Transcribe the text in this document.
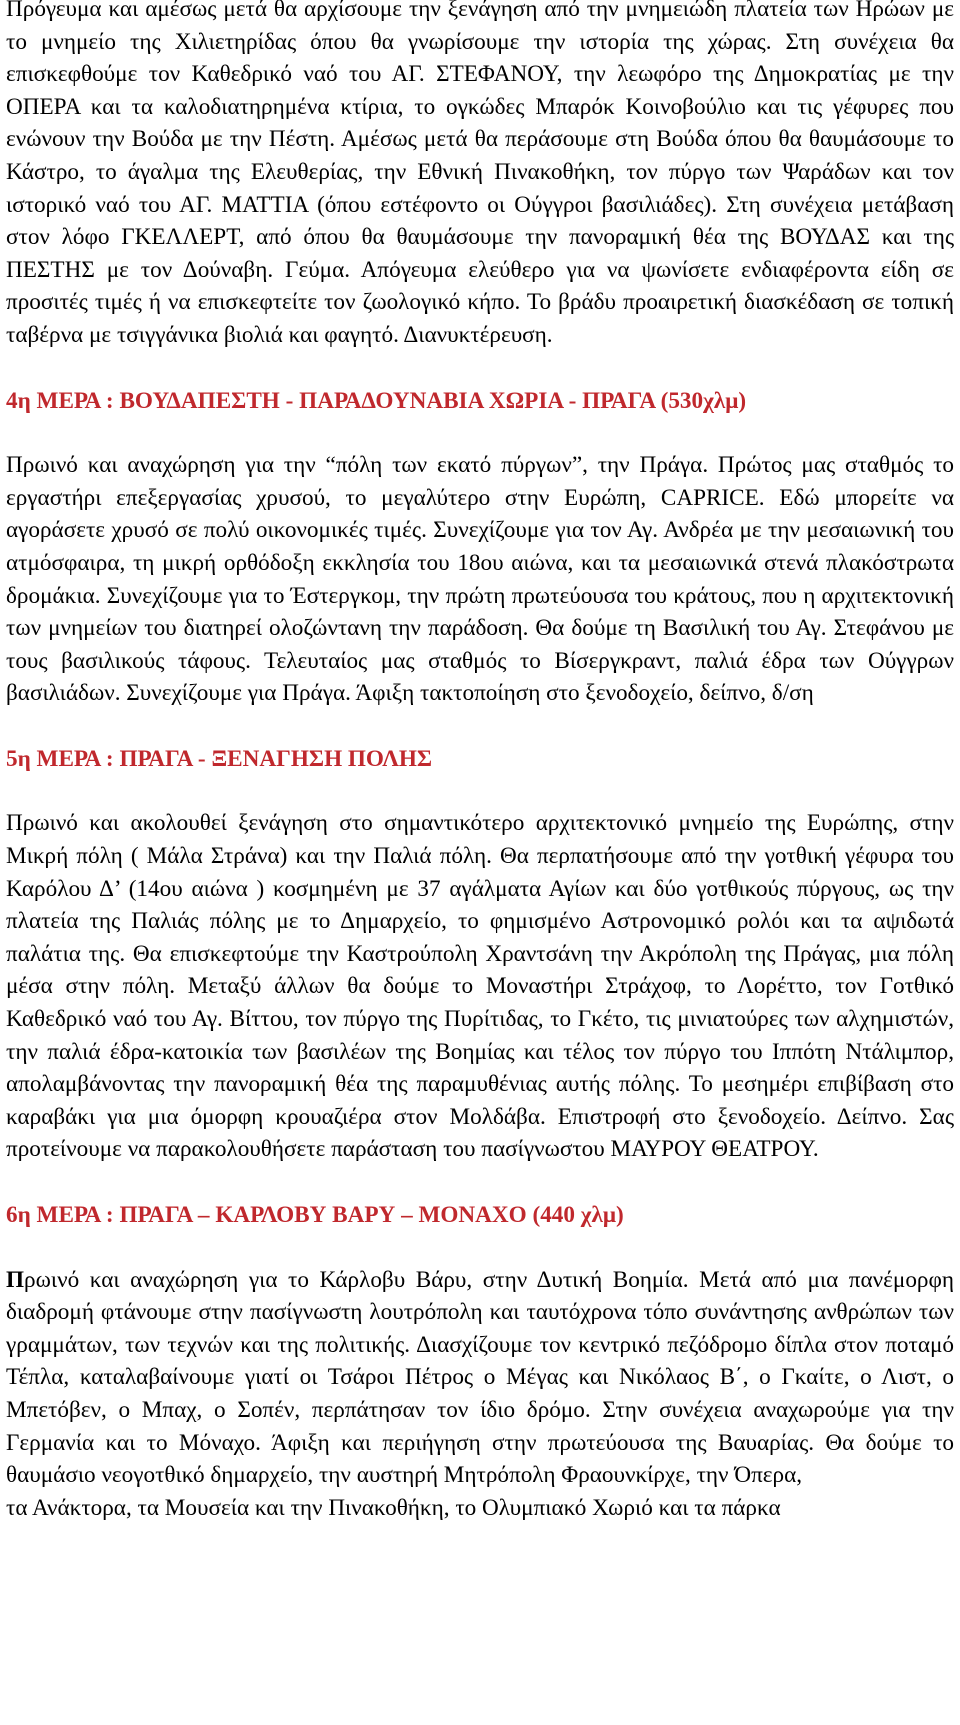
Πρόγευμα και αμέσως μετά θα αρχίσουμε την ξενάγηση από την μνημειώδη πλατεία των Ηρώων με το μνημείο της Χιλιετηρίδας όπου θα γνωρίσουμε την ιστορία της χώρας. Στη συνέχεια θα επισκεφθούμε τον Καθεδρικό ναό του ΑΓ. ΣΤΕΦΑΝΟΥ, την λεωφόρο της Δημοκρατίας με την ΟΠΕΡΑ και τα καλοδιατηρημένα κτίρια, το ογκώδες Μπαρόκ Κοινοβούλιο και τις γέφυρες που ενώνουν την Βούδα με την Πέστη. Αμέσως μετά θα περάσουμε στη Βούδα όπου θα θαυμάσουμε το Κάστρο, το άγαλμα της Ελευθερίας, την Εθνική Πινακοθήκη, τον πύργο των Ψαράδων και τον ιστορικό ναό του ΑΓ. ΜΑΤΤΙΑ (όπου εστέφοντο οι Ούγγροι βασιλιάδες). Στη συνέχεια μετάβαση στον λόφο ΓΚΕΛΛΕΡΤ, από όπου θα θαυμάσουμε την πανοραμική θέα της ΒΟΥΔΑΣ και της ΠΕΣΤΗΣ με τον Δούναβη. Γεύμα. Απόγευμα ελεύθερο για να ψωνίσετε ενδιαφέροντα είδη σε προσιτές τιμές ή να επισκεφτείτε τον ζωολογικό κήπο. Το βράδυ προαιρετική διασκέδαση σε τοπική ταβέρνα με τσιγγάνικα βιολιά και φαγητό. Διανυκτέρευση.

4η ΜΕΡΑ : ΒΟΥΔΑΠΕΣΤΗ - ΠΑΡΑΔΟΥΝΑΒΙΑ ΧΩΡΙΑ - ΠΡΑΓΑ (530χλμ)

Πρωινό και αναχώρηση για την “πόλη των εκατό πύργων”, την Πράγα. Πρώτος μας σταθμός το εργαστήρι επεξεργασίας χρυσού, το μεγαλύτερο στην Ευρώπη, CAPRICE. Εδώ μπορείτε να αγοράσετε χρυσό σε πολύ οικονομικές τιμές. Συνεχίζουμε για τον Αγ. Ανδρέα με την μεσαιωνική του ατμόσφαιρα, τη μικρή ορθόδοξη εκκλησία του 18ου αιώνα, και τα μεσαιωνικά στενά πλακόστρωτα δρομάκια. Συνεχίζουμε για το Έστεργκομ, την πρώτη πρωτεύουσα του κράτους, που η αρχιτεκτονική των μνημείων του διατηρεί ολοζώντανη την παράδοση. Θα δούμε τη Βασιλική του Αγ. Στεφάνου με τους βασιλικούς τάφους. Τελευταίος μας σταθμός το Βίσεργκραντ, παλιά έδρα των Ούγγρων βασιλιάδων. Συνεχίζουμε για Πράγα. Άφιξη τακτοποίηση στο ξενοδοχείο, δείπνο, δ/ση

5η ΜΕΡΑ : ΠΡΑΓΑ - ΞΕΝΑΓΗΣΗ ΠΟΛΗΣ

Πρωινό και ακολουθεί ξενάγηση στο σημαντικότερο αρχιτεκτονικό μνημείο της Ευρώπης, στην Μικρή πόλη ( Μάλα Στράνα) και την Παλιά πόλη. Θα περπατήσουμε από την γοτθική γέφυρα του Καρόλου Δ’ (14ου αιώνα ) κοσμημένη με 37 αγάλματα Αγίων και δύο γοτθικούς πύργους, ως την πλατεία της Παλιάς πόλης με το Δημαρχείο, το φημισμένο Αστρονομικό ρολόι και τα αψιδωτά παλάτια της. Θα επισκεφτούμε την Καστρούπολη Χραντσάνη την Ακρόπολη της Πράγας, μια πόλη μέσα στην πόλη. Μεταξύ άλλων θα δούμε το Μοναστήρι Στράχοφ, το Λορέττο, τον Γοτθικό Καθεδρικό ναό του Αγ. Βίττου, τον πύργο της Πυρίτιδας, το Γκέτο, τις μινιατούρες των αλχημιστών, την παλιά έδρα-κατοικία των βασιλέων της Βοημίας και τέλος τον πύργο του Ιππότη Ντάλιμπορ, απολαμβάνοντας την πανοραμική θέα της παραμυθένιας αυτής πόλης. Το μεσημέρι επιβίβαση στο καραβάκι για μια όμορφη κρουαζιέρα στον Μολδάβα. Επιστροφή στο ξενοδοχείο. Δείπνο. Σας προτείνουμε να παρακολουθήσετε παράσταση του πασίγνωστου ΜΑΥΡΟΥ ΘΕΑΤΡΟΥ.

6η ΜΕΡΑ : ΠΡΑΓΑ – ΚΑΡΛΟΒΥ ΒΑΡΥ – ΜΟΝΑΧΟ (440 χλμ)

Πρωινό και αναχώρηση για το Κάρλοβυ Βάρυ, στην Δυτική Βοημία. Μετά από μια πανέμορφη διαδρομή φτάνουμε στην πασίγνωστη λουτρόπολη και ταυτόχρονα τόπο συνάντησης ανθρώπων των γραμμάτων, των τεχνών και της πολιτικής. Διασχίζουμε τον κεντρικό πεζόδρομο δίπλα στον ποταμό Τέπλα, καταλαβαίνουμε γιατί οι Τσάροι Πέτρος ο Μέγας και Νικόλαος Β΄, ο Γκαίτε, ο Λιστ, ο Μπετόβεν, ο Μπαχ, ο Σοπέν, περπάτησαν τον ίδιο δρόμο. Στην συνέχεια αναχωρούμε για την Γερμανία και το Μόναχο. Άφιξη και περιήγηση στην πρωτεύουσα της Βαυαρίας. Θα δούμε το θαυμάσιο νεογοτθικό δημαρχείο, την αυστηρή Μητρόπολη Φραουνκίρχε, την Όπερα,

τα Ανάκτορα, τα Μουσεία και την Πινακοθήκη, το Ολυμπιακό Χωριό και τα πάρκα
